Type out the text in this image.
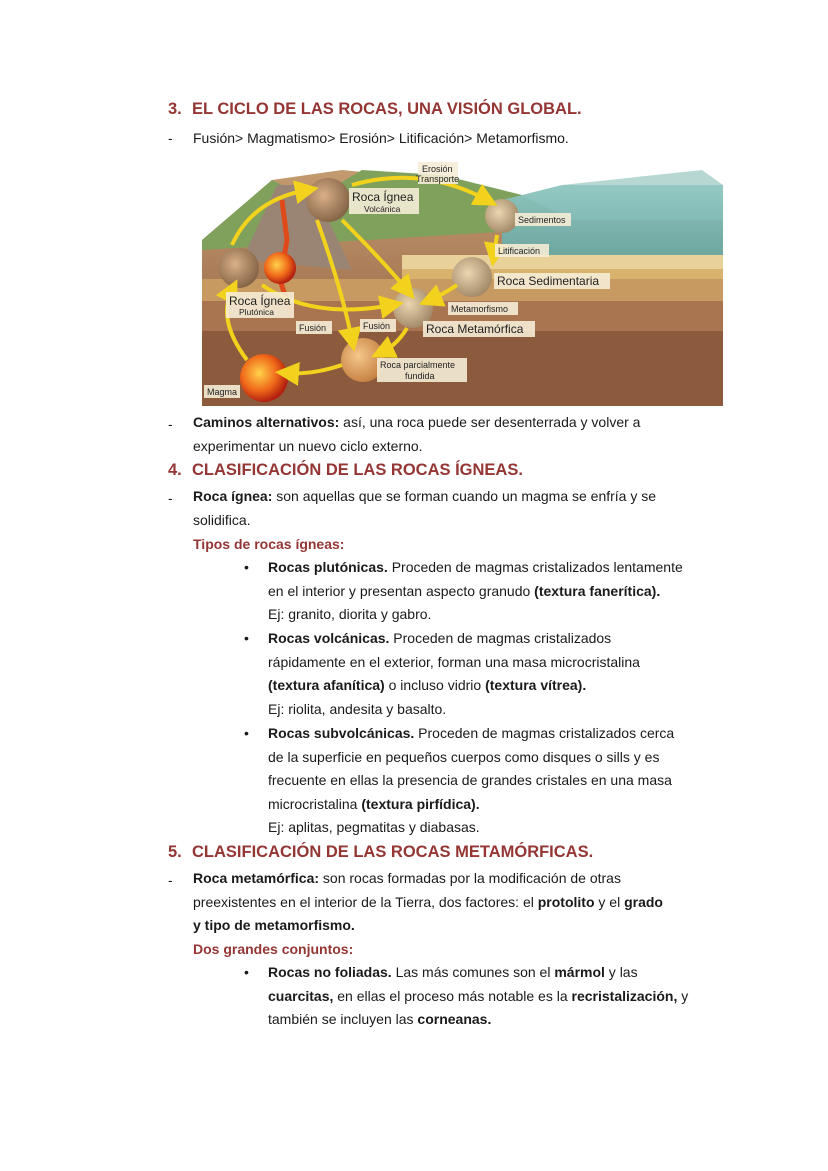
3. EL CICLO DE LAS ROCAS, UNA VISIÓN GLOBAL.
- Fusión> Magmatismo> Erosión> Litificación> Metamorfismo.
Erosión
Transporte
Roca Ígnea
Volcánica
Sedimentos
Litificación
Roca Sedimentaria
Roca Ígnea
Plutónica	Metamorfismo
Fusión	Fusión	Roca Metamórfica
Roca parcialmente
fundida
Magma
- Caminos alternativos: así, una roca puede ser desenterrada y volver a
experimentar un nuevo ciclo externo.
4. CLASIFICACIÓN DE LAS ROCAS ÍGNEAS.
- Roca ígnea: son aquellas que se forman cuando un magma se enfría y se
solidifica.
Tipos de rocas ígneas:
• Rocas plutónicas. Proceden de magmas cristalizados lentamente
en el interior y presentan aspecto granudo (textura fanerítica).
Ej: granito, diorita y gabro.
• Rocas volcánicas. Proceden de magmas cristalizados
rápidamente en el exterior, forman una masa microcristalina
(textura afanítica) o incluso vidrio (textura vítrea).
Ej: riolita, andesita y basalto.
• Rocas subvolcánicas. Proceden de magmas cristalizados cerca
de la superficie en pequeños cuerpos como disques o sills y es
frecuente en ellas la presencia de grandes cristales en una masa
microcristalina (textura pirfídica).
Ej: aplitas, pegmatitas y diabasas.
5. CLASIFICACIÓN DE LAS ROCAS METAMÓRFICAS.
- Roca metamórfica: son rocas formadas por la modificación de otras
preexistentes en el interior de la Tierra, dos factores: el protolito y el grado
y tipo de metamorfismo.
Dos grandes conjuntos:
• Rocas no foliadas. Las más comunes son el mármol y las
cuarcitas, en ellas el proceso más notable es la recristalización, y
también se incluyen las corneanas.
